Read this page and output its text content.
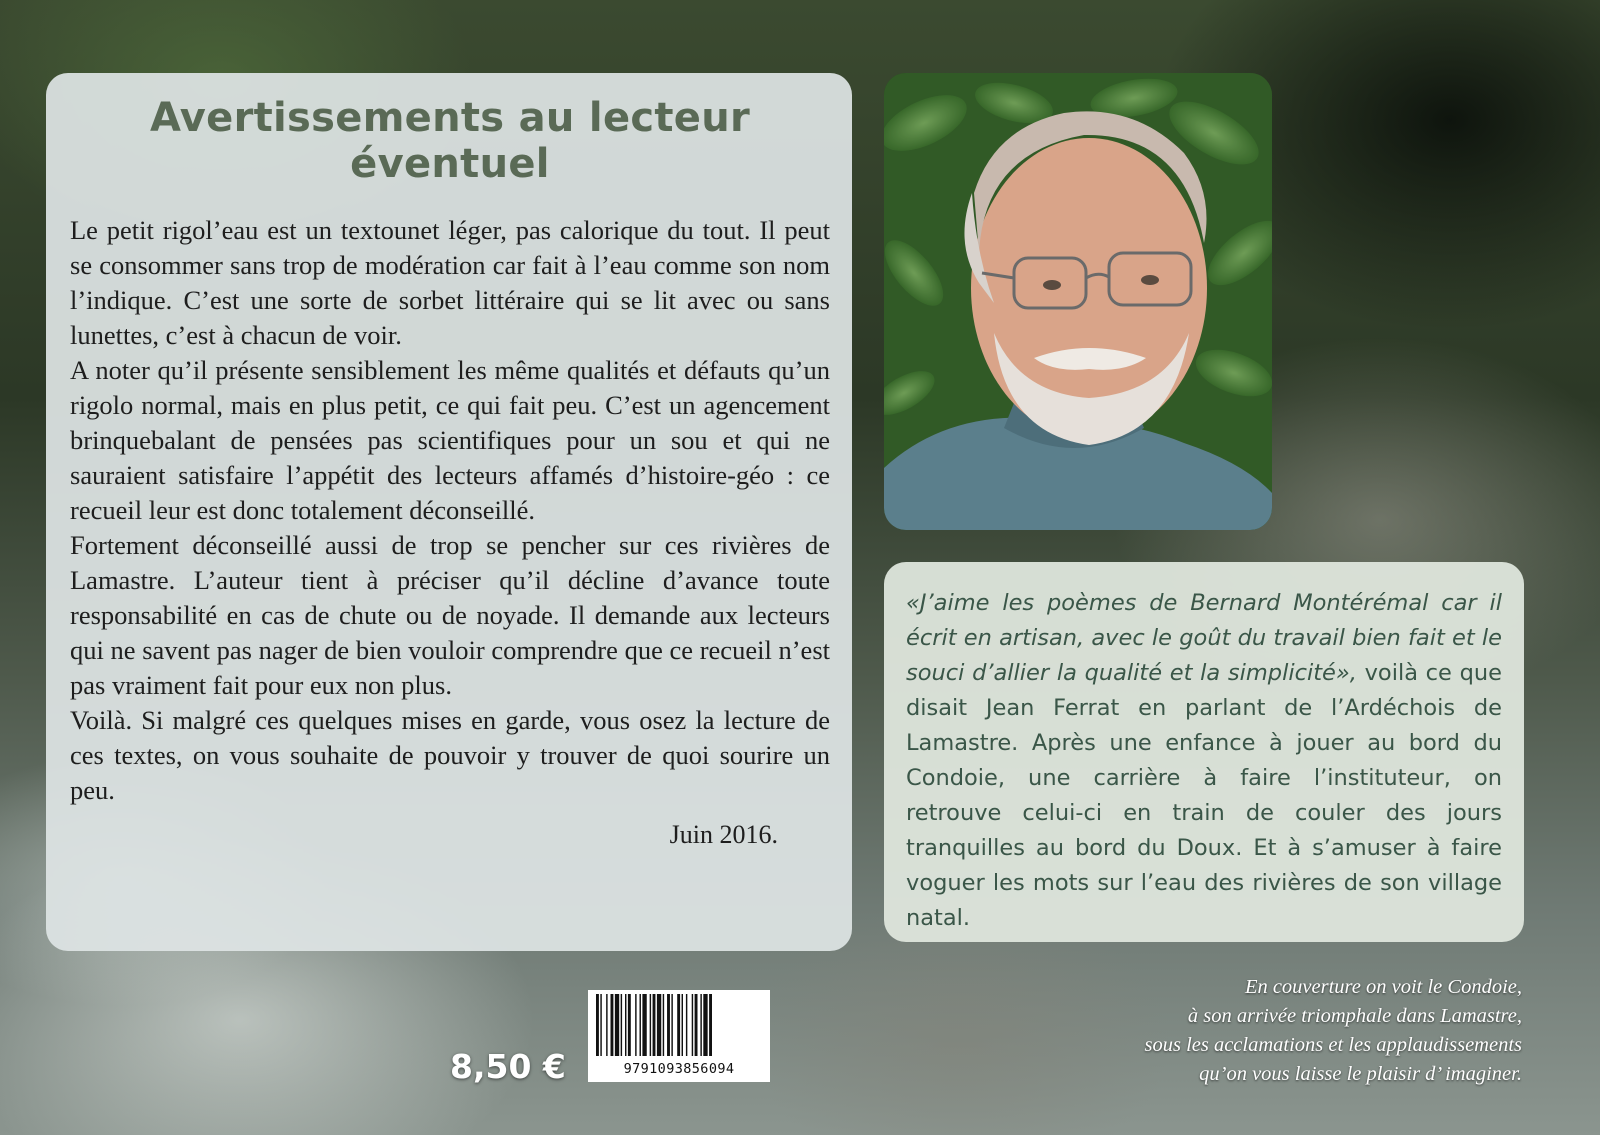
Avertissements au lecteur éventuel

Le petit rigol’eau est un textounet léger, pas calorique du tout. Il peut se consommer sans trop de modération car fait à l’eau comme son nom l’indique. C’est une sorte de sorbet littéraire qui se lit avec ou sans lunettes, c’est à chacun de voir.

A noter qu’il présente sensiblement les même qualités et défauts qu’un rigolo normal, mais en plus petit, ce qui fait peu. C’est un agencement brinquebalant de pensées pas scientifiques pour un sou et qui ne sauraient satisfaire l’appétit des lecteurs affamés d’histoire-géo : ce recueil leur est donc totalement déconseillé.

Fortement déconseillé aussi de trop se pencher sur ces rivières de Lamastre. L’auteur tient à préciser qu’il décline d’avance toute responsabilité en cas de chute ou de noyade. Il demande aux lecteurs qui ne savent pas nager de bien vouloir comprendre que ce recueil n’est pas vraiment fait pour eux non plus.

Voilà. Si malgré ces quelques mises en garde, vous osez la lecture de ces textes, on vous souhaite de pouvoir y trouver de quoi sourire un peu.

Juin 2016.

«J’aime les poèmes de Bernard Montérémal car il écrit en artisan, avec le goût du travail bien fait et le souci d’allier la qualité et la simplicité», voilà ce que disait Jean Ferrat en parlant de l’Ardéchois de Lamastre. Après une enfance à jouer au bord du Condoie, une carrière à faire l’instituteur, on retrouve celui-ci en train de couler des jours tranquilles au bord du Doux. Et à s’amuser à faire voguer les mots sur l’eau des rivières de son village natal.

En couverture on voit le Condoie,
à son arrivée triomphale dans Lamastre,
sous les acclamations et les applaudissements
qu’on vous laisse le plaisir d’ imaginer.
8,50 €	9791093856094
